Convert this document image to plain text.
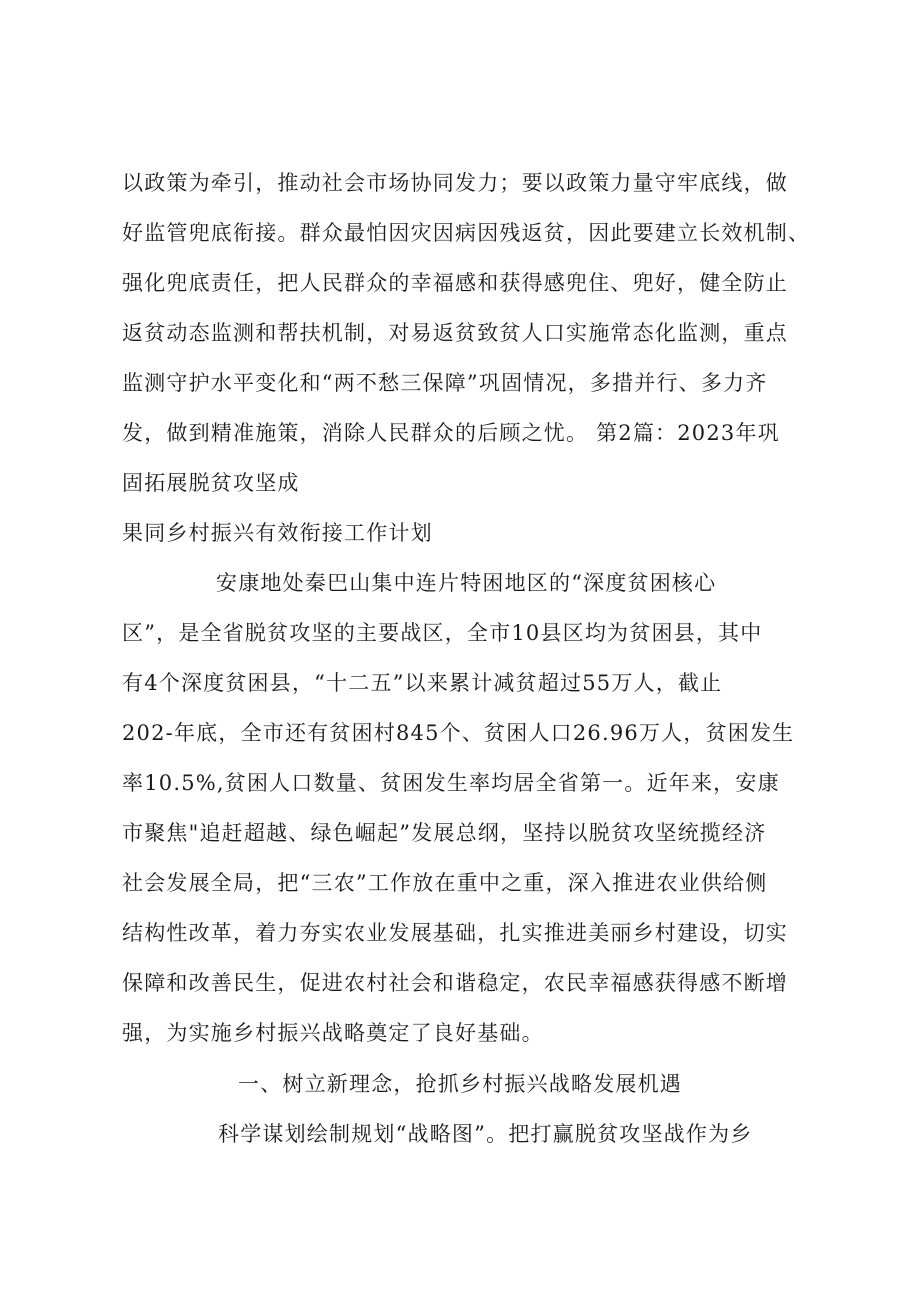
以政策为牵引，推动社会市场协同发力；要以政策力量守牢底线，做
好监管兜底衔接。群众最怕因灾因病因残返贫，因此要建立长效机制、
强化兜底责任，把人民群众的幸福感和获得感兜住、兜好，健全防止
返贫动态监测和帮扶机制，对易返贫致贫人口实施常态化监测，重点
监测守护水平变化和“两不愁三保障”巩固情况，多措并行、多力齐
发，做到精准施策，消除人民群众的后顾之忧。 第2篇：2023年巩
固拓展脱贫攻坚成
果同乡村振兴有效衔接工作计划
安康地处秦巴山集中连片特困地区的“深度贫困核心
区”，是全省脱贫攻坚的主要战区，全市10县区均为贫困县，其中
有4个深度贫困县，“十二五”以来累计减贫超过55万人，截止
202-年底，全市还有贫困村845个、贫困人口26.96万人，贫困发生
率10.5%,贫困人口数量、贫困发生率均居全省第一。近年来，安康
市聚焦"追赶超越、绿色崛起”发展总纲，坚持以脱贫攻坚统揽经济
社会发展全局，把“三农”工作放在重中之重，深入推进农业供给侧
结构性改革，着力夯实农业发展基础，扎实推进美丽乡村建设，切实
保障和改善民生，促进农村社会和谐稳定，农民幸福感获得感不断增
强，为实施乡村振兴战略奠定了良好基础。
一、树立新理念，抢抓乡村振兴战略发展机遇
科学谋划绘制规划“战略图”。把打赢脱贫攻坚战作为乡
